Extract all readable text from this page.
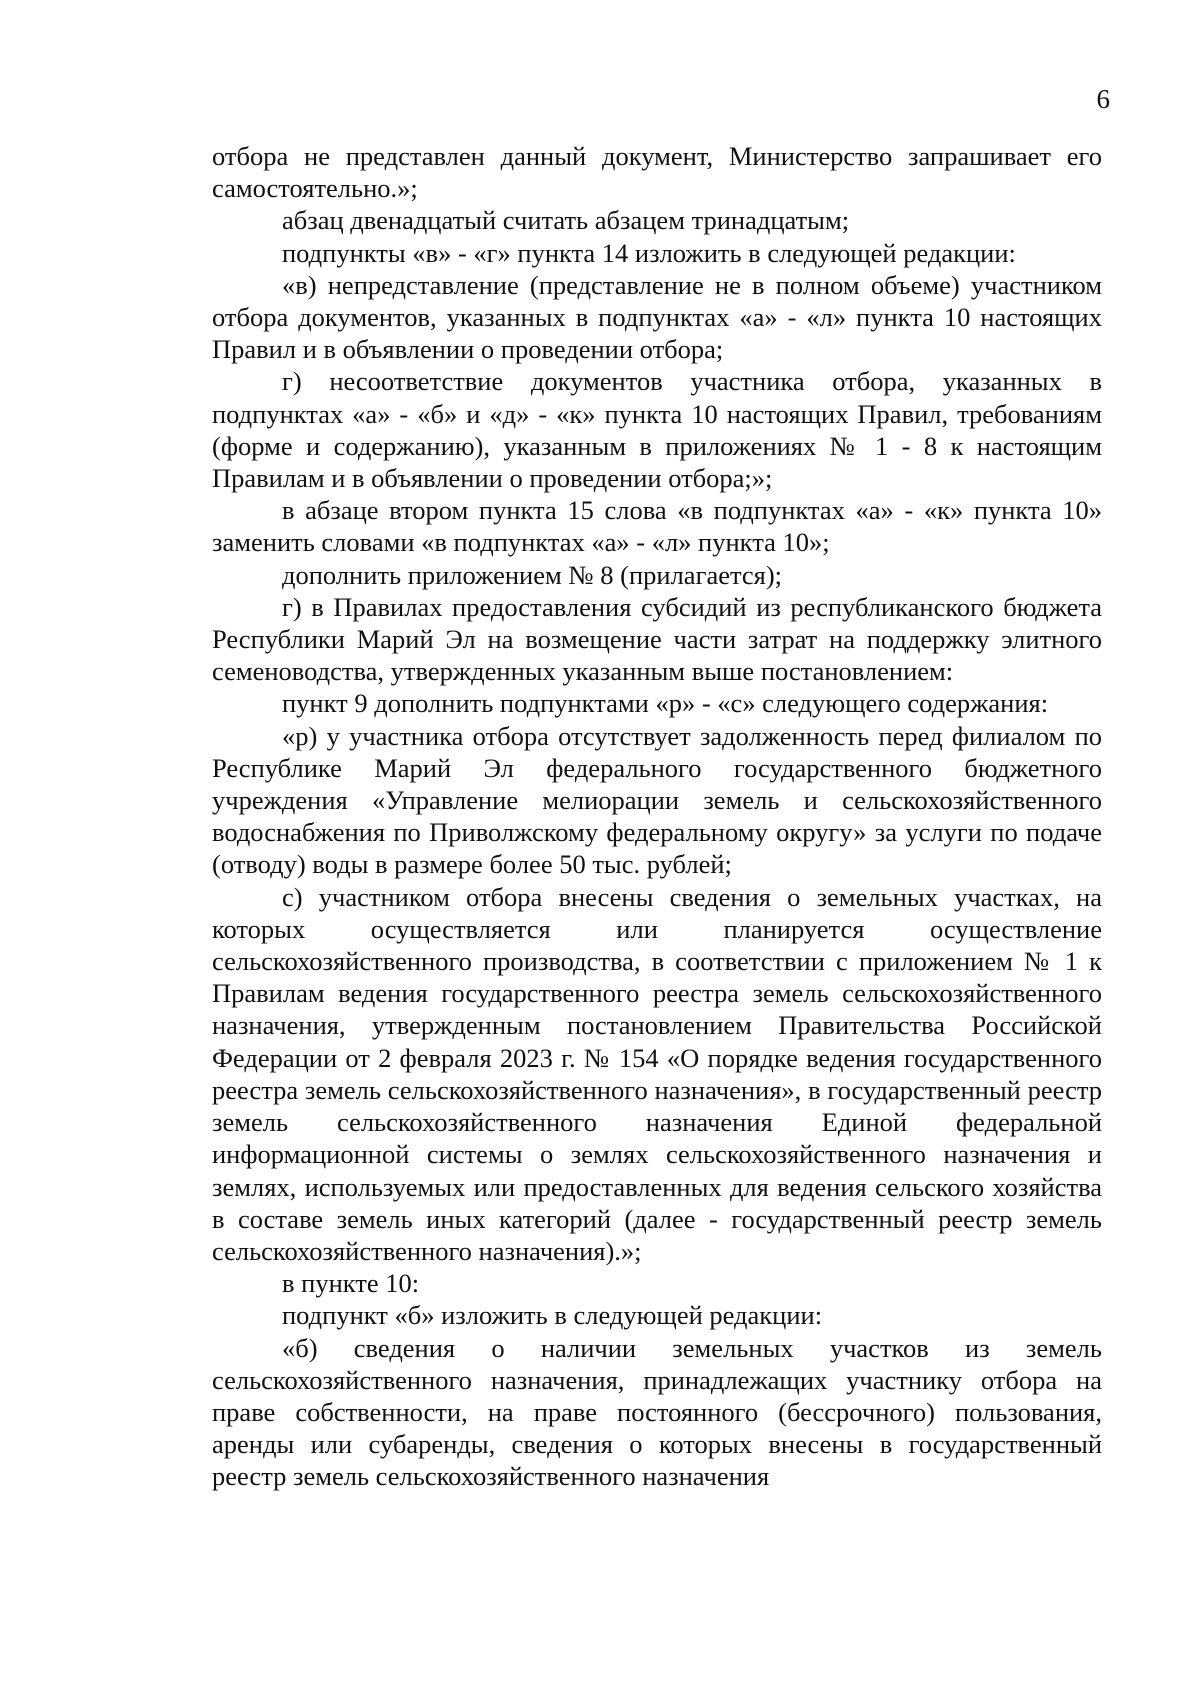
6

отбора не представлен данный документ, Министерство запрашивает его самостоятельно.»;

абзац двенадцатый считать абзацем тринадцатым;

подпункты «в» - «г» пункта 14 изложить в следующей редакции:

«в) непредставление (представление не в полном объеме) участником отбора документов, указанных в подпунктах «а» - «л» пункта 10 настоящих Правил и в объявлении о проведении отбора;

г) несоответствие документов участника отбора, указанных в подпунктах «а» - «б» и «д» - «к» пункта 10 настоящих Правил, требованиям (форме и содержанию), указанным в приложениях № 1 - 8 к настоящим Правилам и в объявлении о проведении отбора;»;

в абзаце втором пункта 15 слова «в подпунктах «а» - «к» пункта 10» заменить словами «в подпунктах «а» - «л» пункта 10»;

дополнить приложением № 8 (прилагается);

г) в Правилах предоставления субсидий из республиканского бюджета Республики Марий Эл на возмещение части затрат на поддержку элитного семеноводства, утвержденных указанным выше постановлением:

пункт 9 дополнить подпунктами «р» - «с» следующего содержания:

«р) у участника отбора отсутствует задолженность перед филиалом по Республике Марий Эл федерального государственного бюджетного учреждения «Управление мелиорации земель и сельскохозяйственного водоснабжения по Приволжскому федеральному округу» за услуги по подаче (отводу) воды в размере более 50 тыс. рублей;

с) участником отбора внесены сведения о земельных участках, на которых осуществляется или планируется осуществление сельскохозяйственного производства, в соответствии с приложением № 1 к Правилам ведения государственного реестра земель сельскохозяйственного назначения, утвержденным постановлением Правительства Российской Федерации от 2 февраля 2023 г. № 154 «О порядке ведения государственного реестра земель сельскохозяйственного назначения», в государственный реестр земель сельскохозяйственного назначения Единой федеральной информационной системы о землях сельскохозяйственного назначения и землях, используемых или предоставленных для ведения сельского хозяйства в составе земель иных категорий (далее - государственный реестр земель сельскохозяйственного назначения).»;

в пункте 10:

подпункт «б» изложить в следующей редакции:

«б) сведения о наличии земельных участков из земель сельскохозяйственного назначения, принадлежащих участнику отбора на праве собственности, на праве постоянного (бессрочного) пользования, аренды или субаренды, сведения о которых внесены в государственный реестр земель сельскохозяйственного назначения
